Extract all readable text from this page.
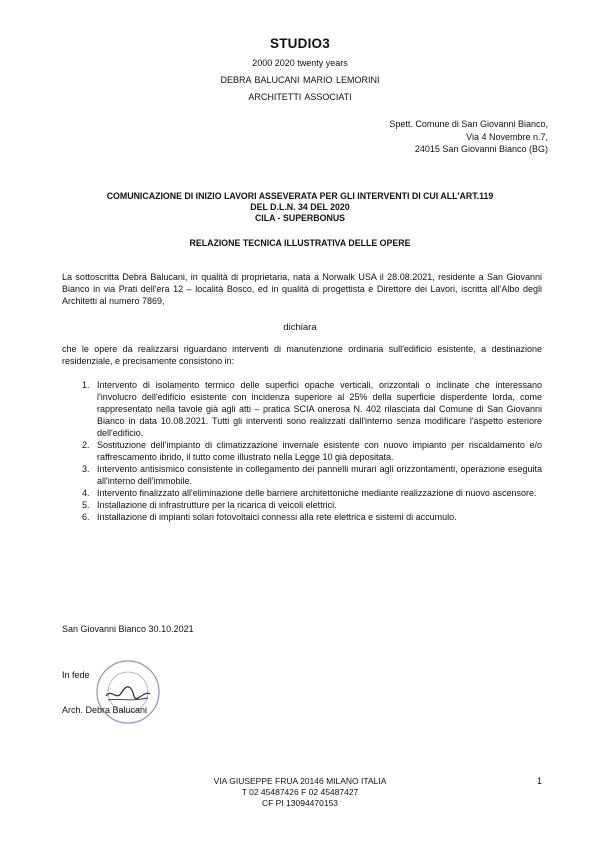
STUDIO3
2000 2020 twenty years
DEBRA BALUCANI MARIO LEMORINI
ARCHITETTI ASSOCIATI
Spett. Comune di San Giovanni Bianco,
Via 4 Novembre n.7,
24015 San Giovanni Bianco (BG)
COMUNICAZIONE DI INIZIO LAVORI ASSEVERATA PER GLI INTERVENTI DI CUI ALL'ART.119
DEL D.L.N. 34 DEL 2020
CILA - SUPERBONUS
RELAZIONE TECNICA ILLUSTRATIVA DELLE OPERE
La sottoscritta Debra Balucani, in qualità di proprietaria, nata a Norwalk USA il 28.08.2021, residente a San Giovanni Bianco in via Prati dell'era 12 – località Bosco, ed in qualità di progettista e Direttore dei Lavori, iscritta all'Albo degli Architetti al numero 7869,
dichiara
che le opere da realizzarsi riguardano interventi di manutenzione ordinaria sull'edificio esistente, a destinazione residenziale, e precisamente consistono in:
1. Intervento di isolamento termico delle superfici opache verticali, orizzontali o inclinate che interessano l'involucro dell'edificio esistente con incidenza superiore al 25% della superficie disperdente lorda, come rappresentato nella tavole già agli atti – pratica SCIA onerosa N. 402 rilasciata dal Comune di San Giovanni Bianco in data 10.08.2021. Tutti gli interventi sono realizzati dall'interno senza modificare l'aspetto esteriore dell'edificio.
2. Sostituzione dell'impianto di climatizzazione invernale esistente con nuovo impianto per riscaldamento e/o raffrescamento ibrido, il tutto come illustrato nella Legge 10 già depositata.
3. Intervento antisismico consistente in collegamento dei pannelli murari agli orizzontamenti, operazione eseguita all'interno dell'immobile.
4. Intervento finalizzato all'eliminazione delle barriere architettoniche mediante realizzazione di nuovo ascensore.
5. Installazione di infrastrutture per la ricarica di veicoli elettrici.
6. Installazione di impianti solari fotovoltaici connessi alla rete elettrica e sistemi di accumulo.
San Giovanni Bianco 30.10.2021
In fede
Arch. Debra Balucani
VIA GIUSEPPE FRUA 20146 MILANO ITALIA
T 02 45487426 F 02 45487427
CF PI 13094470153
1
